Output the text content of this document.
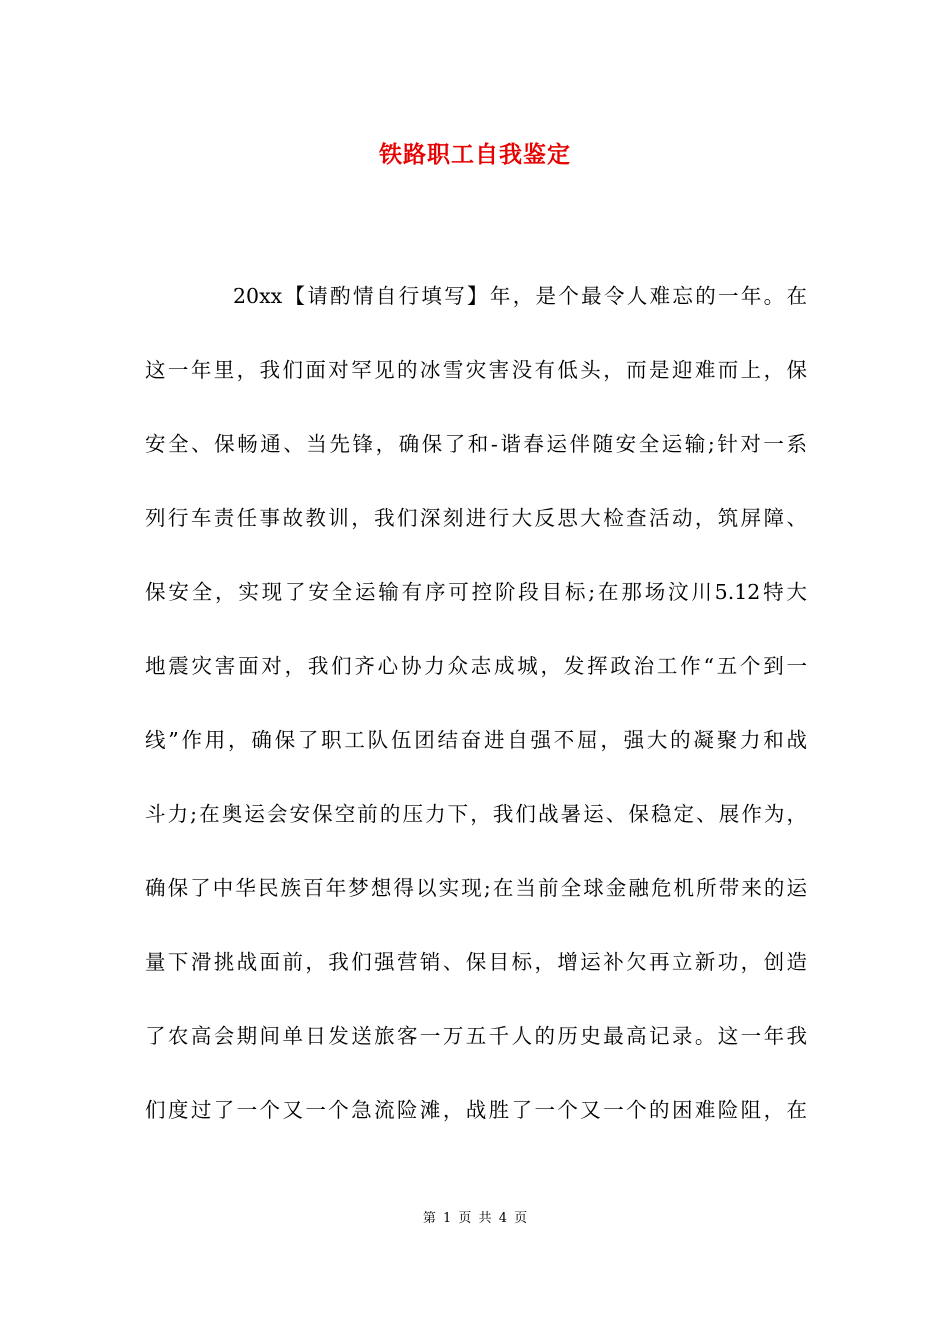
铁路职工自我鉴定
20xx【请酌情自行填写】年，是个最令人难忘的一年。在
这一年里，我们面对罕见的冰雪灾害没有低头，而是迎难而上，保
安全、保畅通、当先锋，确保了和-谐春运伴随安全运输;针对一系
列行车责任事故教训，我们深刻进行大反思大检查活动，筑屏障、
保安全，实现了安全运输有序可控阶段目标;在那场汶川5.12特大
地震灾害面对，我们齐心协力众志成城，发挥政治工作“五个到一
线”作用，确保了职工队伍团结奋进自强不屈，强大的凝聚力和战
斗力;在奥运会安保空前的压力下，我们战暑运、保稳定、展作为，
确保了中华民族百年梦想得以实现;在当前全球金融危机所带来的运
量下滑挑战面前，我们强营销、保目标，增运补欠再立新功，创造
了农高会期间单日发送旅客一万五千人的历史最高记录。这一年我
们度过了一个又一个急流险滩，战胜了一个又一个的困难险阻，在
第 1 页 共 4 页
